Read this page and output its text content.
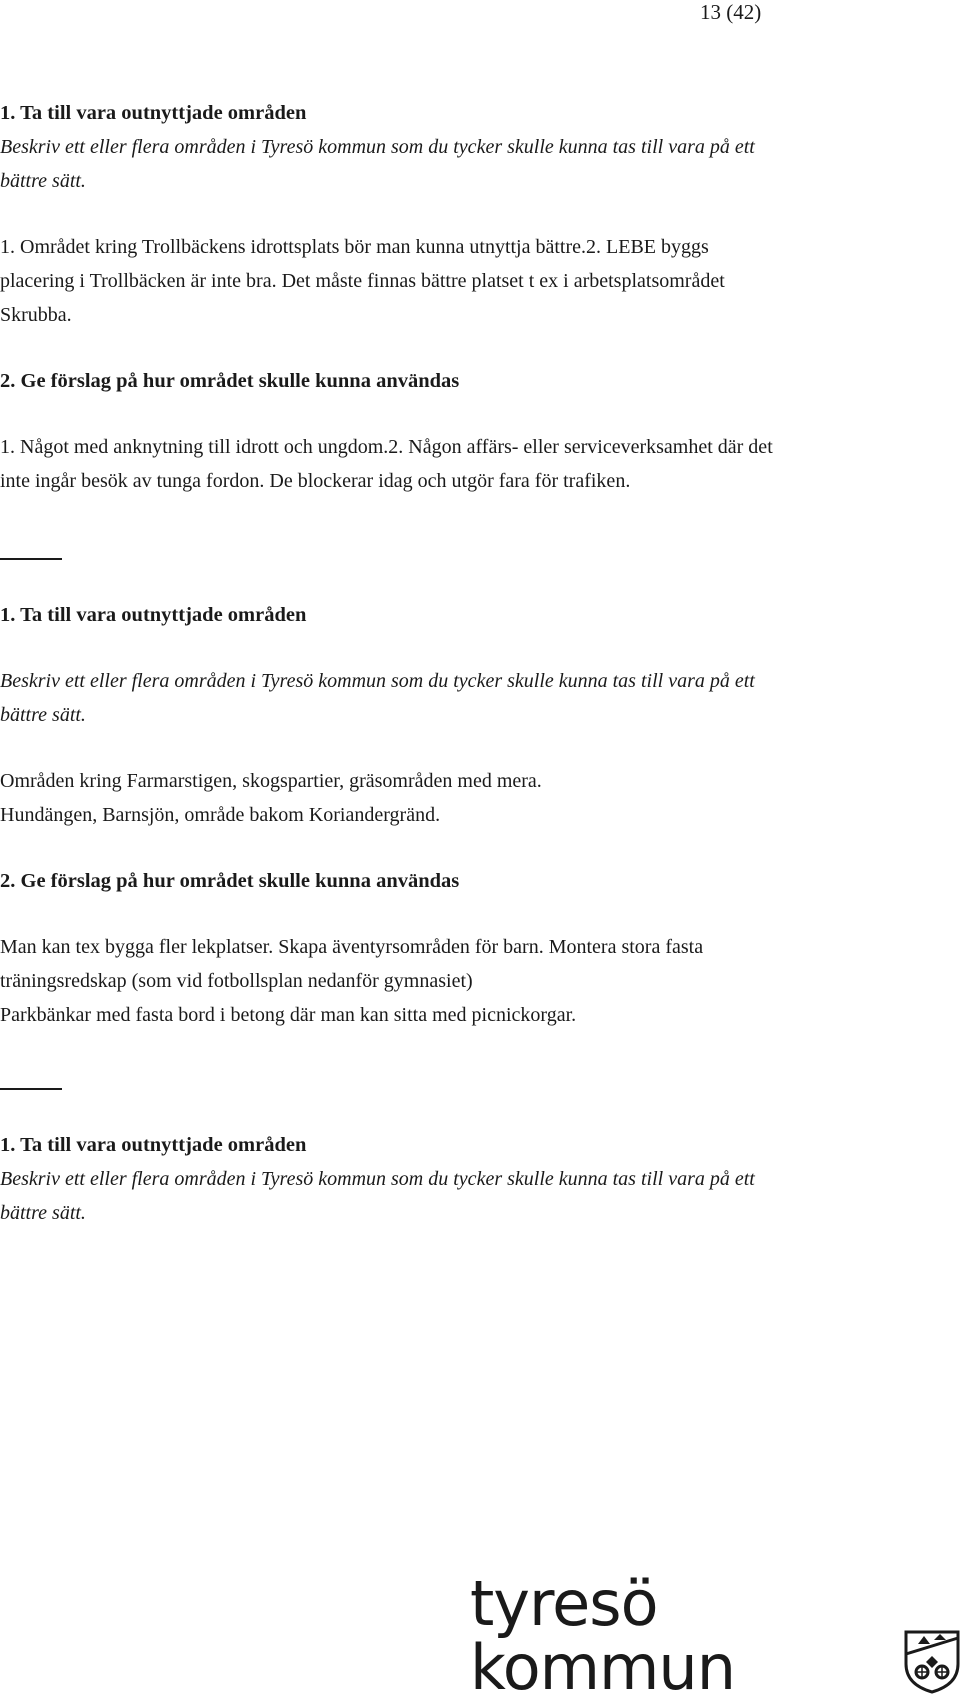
13 (42)
1. Ta till vara outnyttjade områden

Beskriv ett eller flera områden i Tyresö kommun som du tycker skulle kunna tas till vara på ett bättre sätt.

1. Området kring Trollbäckens idrottsplats bör man kunna utnyttja bättre.2. LEBE byggs placering i Trollbäcken är inte bra. Det måste finnas bättre platset t ex i arbetsplatsområdet Skrubba.

2. Ge förslag på hur området skulle kunna användas

1. Något med anknytning till idrott och ungdom.2. Någon affärs- eller serviceverksamhet där det inte ingår besök av tunga fordon. De blockerar idag och utgör fara för trafiken.

1. Ta till vara outnyttjade områden

Beskriv ett eller flera områden i Tyresö kommun som du tycker skulle kunna tas till vara på ett bättre sätt.

Områden kring Farmarstigen, skogspartier, gräsområden med mera.

Hundängen, Barnsjön, område bakom Koriandergränd.

2. Ge förslag på hur området skulle kunna användas

Man kan tex bygga fler lekplatser. Skapa äventyrsområden för barn. Montera stora fasta träningsredskap (som vid fotbollsplan nedanför gymnasiet)

Parkbänkar med fasta bord i betong där man kan sitta med picnickorgar.

1. Ta till vara outnyttjade områden

Beskriv ett eller flera områden i Tyresö kommun som du tycker skulle kunna tas till vara på ett bättre sätt.

tyresö kommun
